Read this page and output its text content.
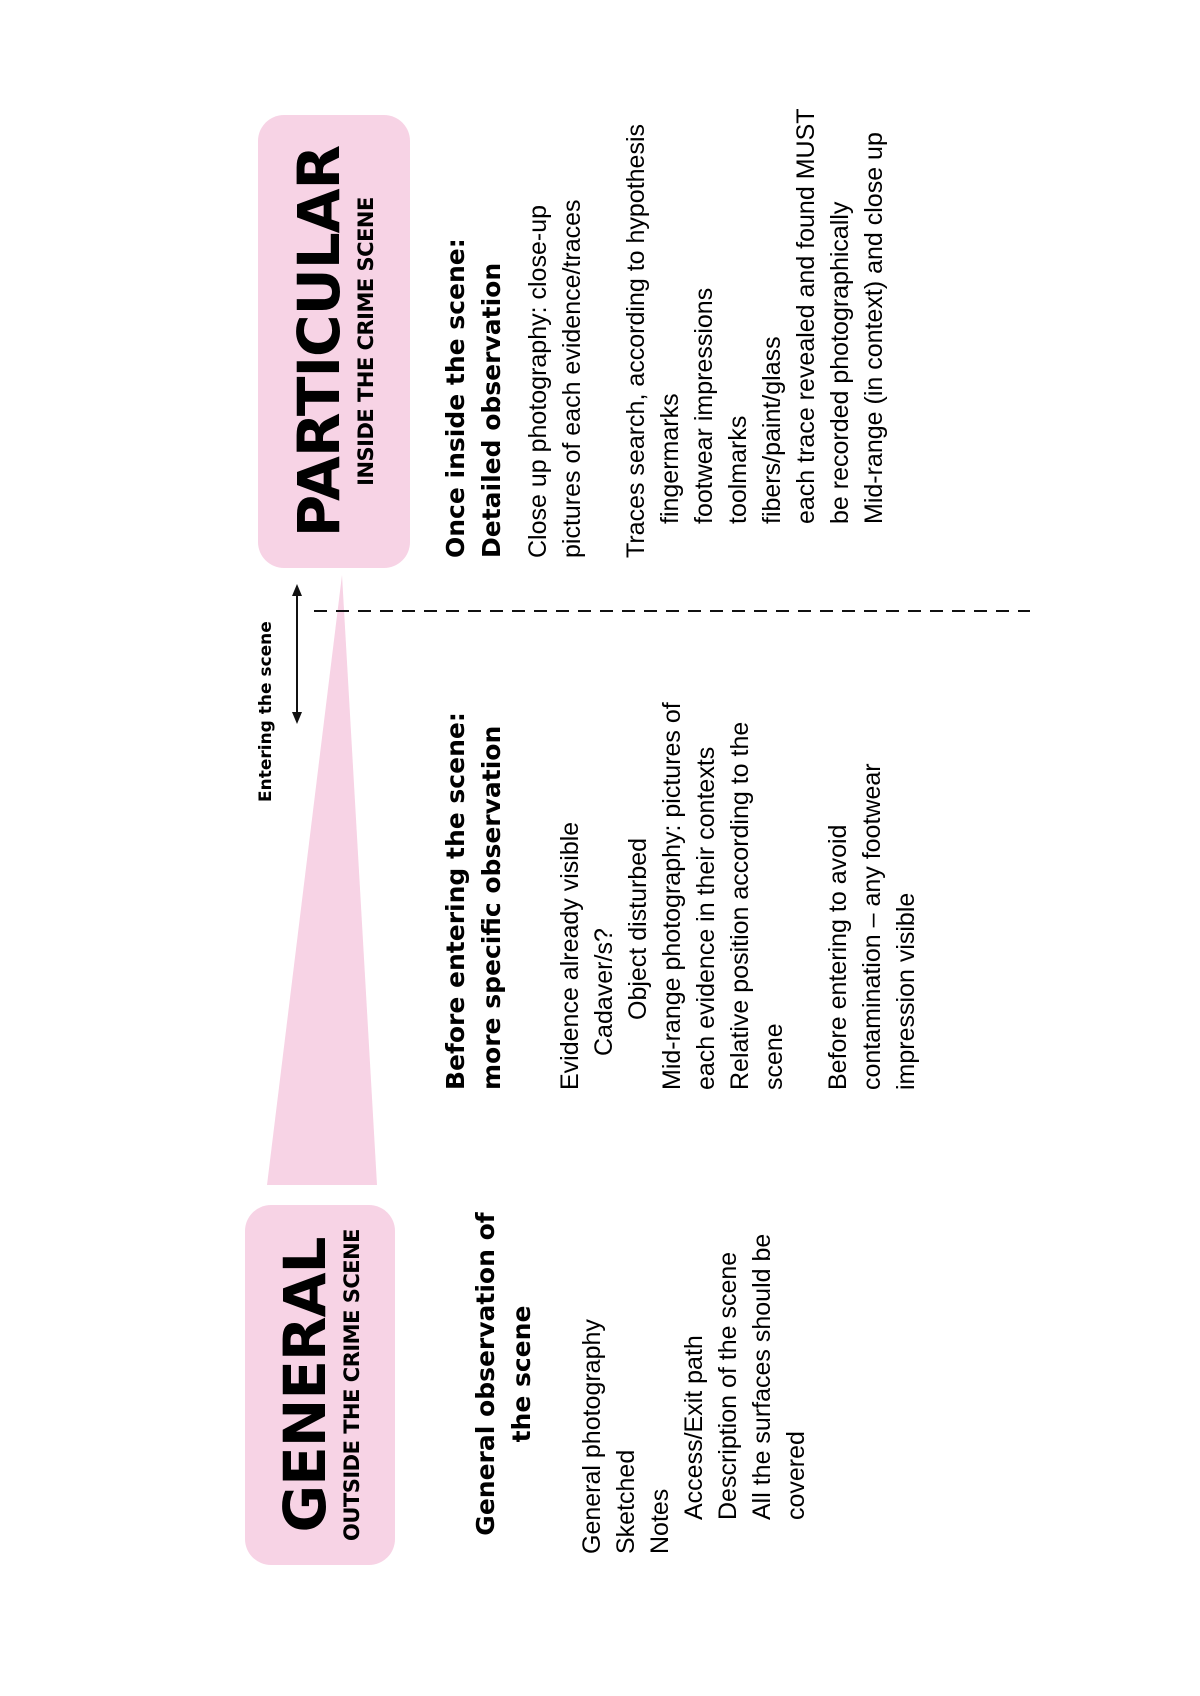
GENERAL OUTSIDE THE CRIME SCENE
PARTICULAR INSIDE THE CRIME SCENE
Entering the scene
General observation of the scene General photography Sketched Notes
Access/Exit path Description of the scene All the surfaces should be covered
Before entering the scene: more specific observation Evidence already visible Cadaver/s? Object disturbed Mid-range photography: pictures of each evidence in their contexts Relative position according to the scene Before entering to avoid contamination – any footwear impression visible
Once inside the scene: Detailed observation Close up photography: close-up pictures of each evidence/traces Traces search, according to hypothesis fingermarks footwear impressions toolmarks fibers/paint/glass each trace revealed and found MUST be recorded photographically Mid-range (in context) and close up
